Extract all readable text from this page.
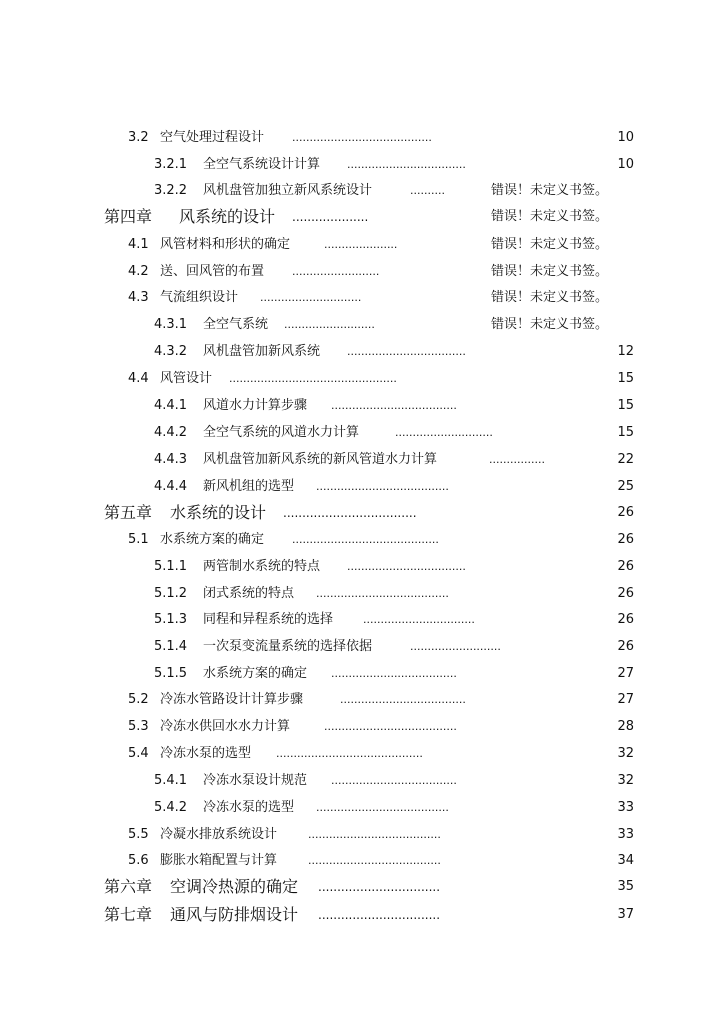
3.2 空气处理过程设计	........................................	10
3.2.1 全空气系统设计计算 ..................................	10
3.2.2 风机盘管加独立新风系统设计	..........	错误！未定义书签。
第四章 风系统的设计 ....................	错误！未定义书签。
4.1 风管材料和形状的确定	.....................	错误！未定义书签。
4.2 送、回风管的布置	.........................	错误！未定义书签。
4.3 气流组织设计 .............................	错误！未定义书签。
4.3.1 全空气系统 ..........................	错误！未定义书签。
4.3.2 风机盘管加新风系统 ..................................	12
4.4 风管设计 ................................................	15
4.4.1 风道水力计算步骤 ....................................	15
4.4.2 全空气系统的风道水力计算	............................	15
4.4.3 风机盘管加新风系统的新风管道水力计算	................	22
4.4.4 新风机组的选型 ......................................	25
第五章 水系统的设计 ...................................	26
5.1 水系统方案的确定	..........................................	26
5.1.1 两管制水系统的特点 ..................................	26
5.1.2 闭式系统的特点 ......................................	26
5.1.3 同程和异程系统的选择	................................	26
5.1.4 一次泵变流量系统的选择依据	..........................	26
5.1.5 水系统方案的确定 ....................................	27
5.2 冷冻水管路设计计算步骤	....................................	27
5.3 冷冻水供回水水力计算	......................................	28
5.4 冷冻水泵的选型 ..........................................	32
5.4.1 冷冻水泵设计规范 ....................................	32
5.4.2 冷冻水泵的选型 ......................................	33
5.5 冷凝水排放系统设计	......................................	33
5.6 膨胀水箱配置与计算	......................................	34
第六章 空调冷热源的确定 ................................	35
第七章 通风与防排烟设计 ................................	37
